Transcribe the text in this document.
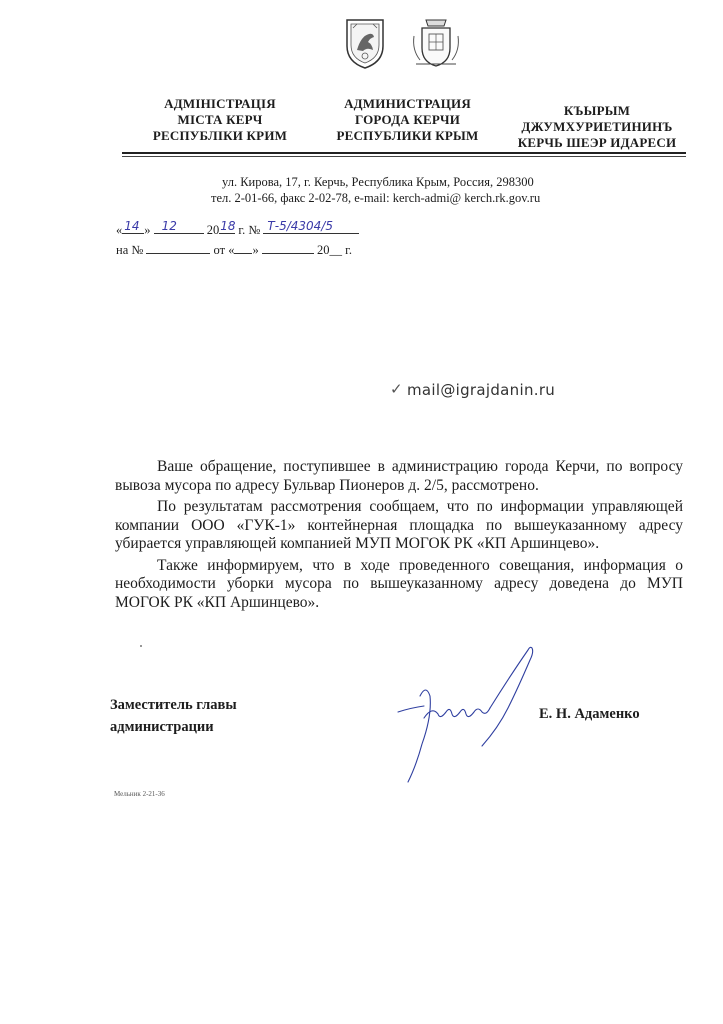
АДМІНІСТРАЦІЯ
МІСТА КЕРЧ
РЕСПУБЛІКИ КРИМ
АДМИНИСТРАЦИЯ
ГОРОДА КЕРЧИ
РЕСПУБЛИКИ КРЫМ
КЪЫРЫМ
ДЖУМХУРИЕТИНИНЪ
КЕРЧЬ ШЕЭР ИДАРЕСИ
ул. Кирова, 17, г. Керчь, Республика Крым, Россия, 298300
тел. 2-01-66, факс 2-02-78, e-mail: kerch-admi@ kerch.rk.gov.ru
« 14 » 12 20 18 г. № Т-5/4304/5
на №	от « »	20__ г.
✓ mail@igrajdanin.ru

Ваше обращение, поступившее в администрацию города Керчи, по вопросу вывоза мусора по адресу Бульвар Пионеров д. 2/5, рассмотрено.

По результатам рассмотрения сообщаем, что по информации управляющей компании ООО «ГУК-1» контейнерная площадка по вышеуказанному адресу убирается управляющей компанией МУП МОГОК РК «КП Аршинцево».

Также информируем, что в ходе проведенного совещания, информация о необходимости уборки мусора по вышеуказанному адресу доведена до МУП МОГОК РК «КП Аршинцево».

Заместитель главы
администрации
Е. Н. Адаменко
Мельник 2-21-36
